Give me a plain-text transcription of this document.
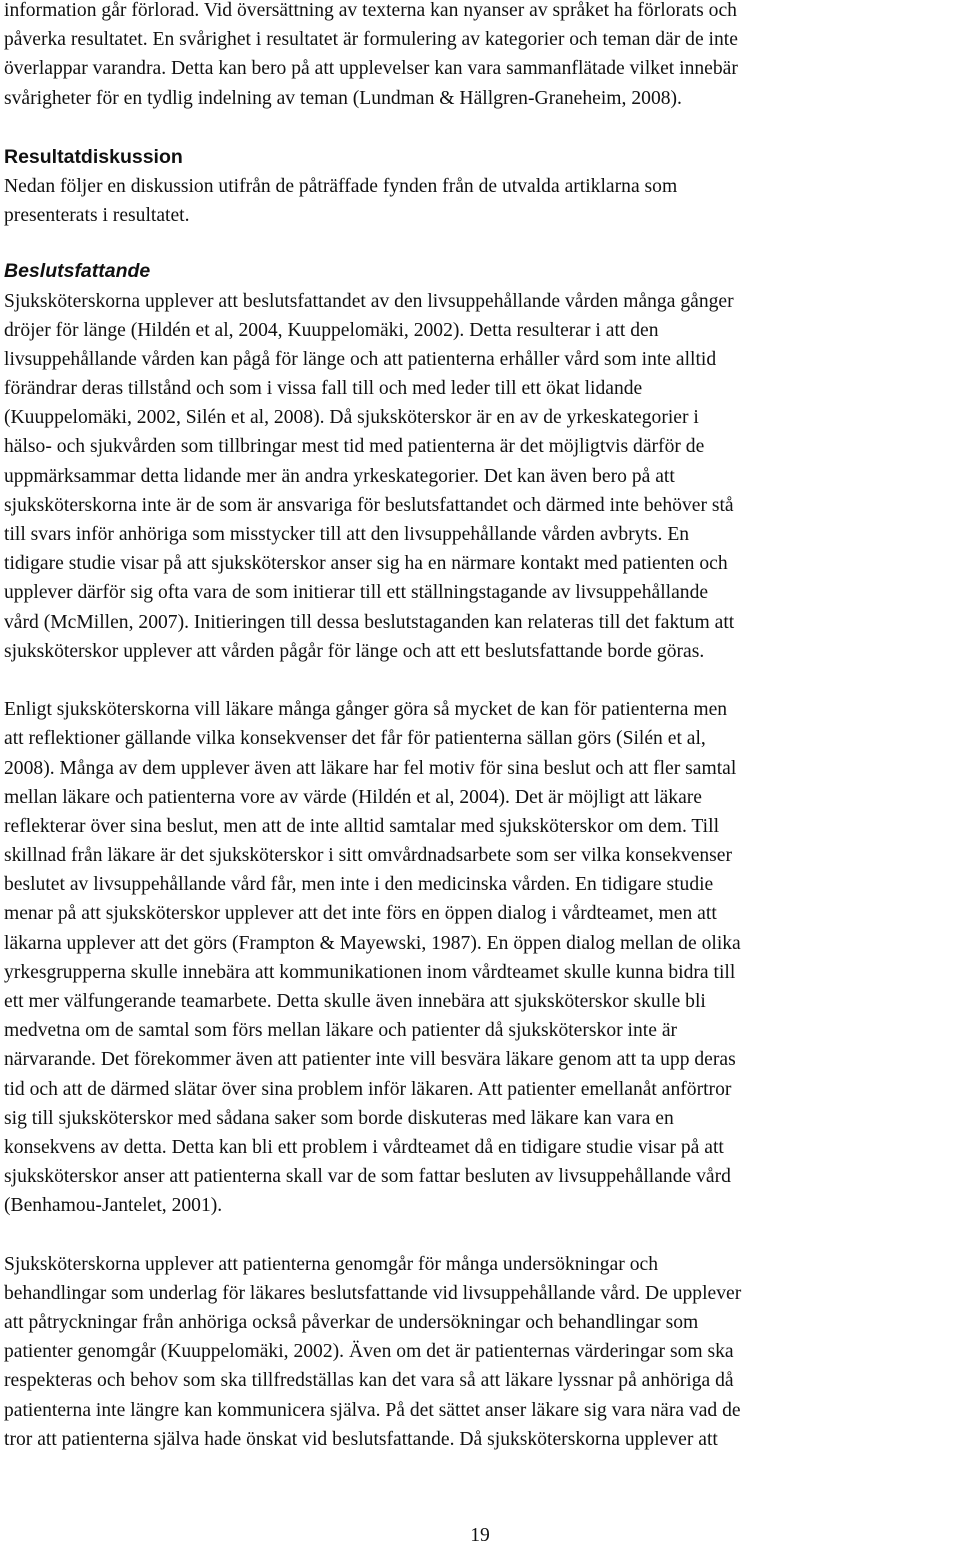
information går förlorad. Vid översättning av texterna kan nyanser av språket ha förlorats och
påverka resultatet. En svårighet i resultatet är formulering av kategorier och teman där de inte
överlappar varandra. Detta kan bero på att upplevelser kan vara sammanflätade vilket innebär
svårigheter för en tydlig indelning av teman (Lundman & Hällgren-Graneheim, 2008).
Resultatdiskussion
Nedan följer en diskussion utifrån de påträffade fynden från de utvalda artiklarna som
presenterats i resultatet.
Beslutsfattande
Sjuksköterskorna upplever att beslutsfattandet av den livsuppehållande vården många gånger
dröjer för länge (Hildén et al, 2004, Kuuppelomäki, 2002). Detta resulterar i att den
livsuppehållande vården kan pågå för länge och att patienterna erhåller vård som inte alltid
förändrar deras tillstånd och som i vissa fall till och med leder till ett ökat lidande
(Kuuppelomäki, 2002, Silén et al, 2008). Då sjuksköterskor är en av de yrkeskategorier i
hälso- och sjukvården som tillbringar mest tid med patienterna är det möjligtvis därför de
uppmärksammar detta lidande mer än andra yrkeskategorier. Det kan även bero på att
sjuksköterskorna inte är de som är ansvariga för beslutsfattandet och därmed inte behöver stå
till svars inför anhöriga som misstycker till att den livsuppehållande vården avbryts. En
tidigare studie visar på att sjuksköterskor anser sig ha en närmare kontakt med patienten och
upplever därför sig ofta vara de som initierar till ett ställningstagande av livsuppehållande
vård (McMillen, 2007). Initieringen till dessa beslutstaganden kan relateras till det faktum att
sjuksköterskor upplever att vården pågår för länge och att ett beslutsfattande borde göras.
Enligt sjuksköterskorna vill läkare många gånger göra så mycket de kan för patienterna men
att reflektioner gällande vilka konsekvenser det får för patienterna sällan görs (Silén et al,
2008). Många av dem upplever även att läkare har fel motiv för sina beslut och att fler samtal
mellan läkare och patienterna vore av värde (Hildén et al, 2004). Det är möjligt att läkare
reflekterar över sina beslut, men att de inte alltid samtalar med sjuksköterskor om dem. Till
skillnad från läkare är det sjuksköterskor i sitt omvårdnadsarbete som ser vilka konsekvenser
beslutet av livsuppehållande vård får, men inte i den medicinska vården. En tidigare studie
menar på att sjuksköterskor upplever att det inte förs en öppen dialog i vårdteamet, men att
läkarna upplever att det görs (Frampton & Mayewski, 1987). En öppen dialog mellan de olika
yrkesgrupperna skulle innebära att kommunikationen inom vårdteamet skulle kunna bidra till
ett mer välfungerande teamarbete. Detta skulle även innebära att sjuksköterskor skulle bli
medvetna om de samtal som förs mellan läkare och patienter då sjuksköterskor inte är
närvarande. Det förekommer även att patienter inte vill besvära läkare genom att ta upp deras
tid och att de därmed slätar över sina problem inför läkaren. Att patienter emellanåt anförtror
sig till sjuksköterskor med sådana saker som borde diskuteras med läkare kan vara en
konsekvens av detta. Detta kan bli ett problem i vårdteamet då en tidigare studie visar på att
sjuksköterskor anser att patienterna skall var de som fattar besluten av livsuppehållande vård
(Benhamou-Jantelet, 2001).
Sjuksköterskorna upplever att patienterna genomgår för många undersökningar och
behandlingar som underlag för läkares beslutsfattande vid livsuppehållande vård. De upplever
att påtryckningar från anhöriga också påverkar de undersökningar och behandlingar som
patienter genomgår (Kuuppelomäki, 2002). Även om det är patienternas värderingar som ska
respekteras och behov som ska tillfredställas kan det vara så att läkare lyssnar på anhöriga då
patienterna inte längre kan kommunicera själva. På det sättet anser läkare sig vara nära vad de
tror att patienterna själva hade önskat vid beslutsfattande. Då sjuksköterskorna upplever att
19
